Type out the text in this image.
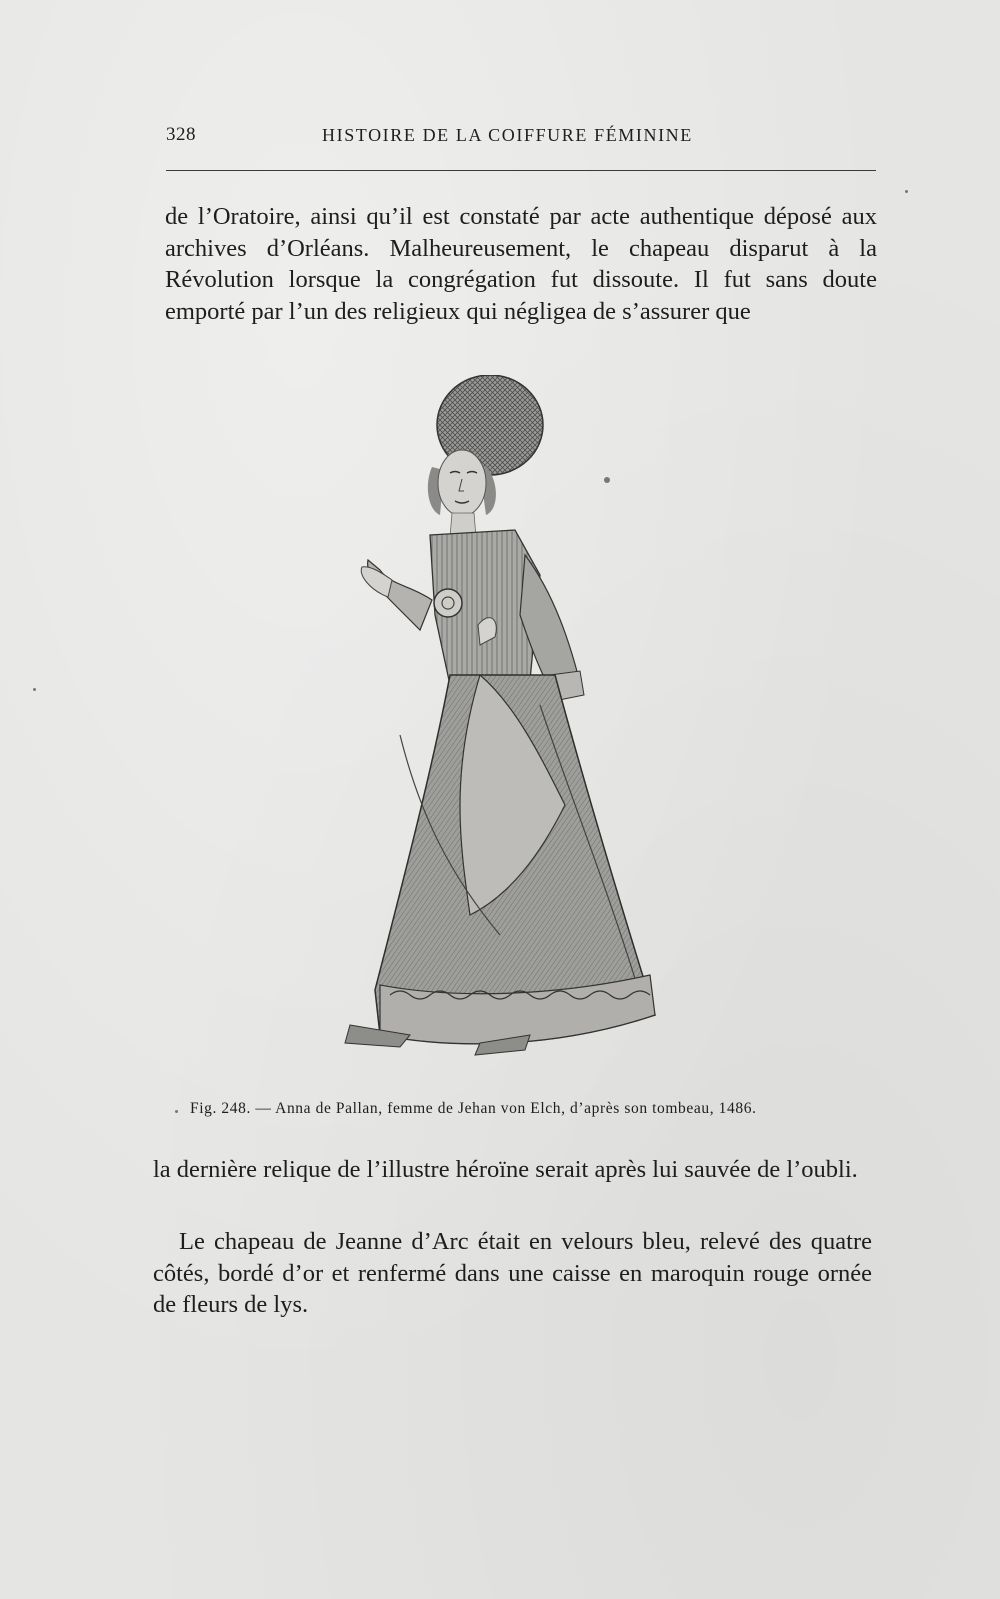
328	HISTOIRE DE LA COIFFURE FÉMININE

de l’Oratoire, ainsi qu’il est constaté par acte authentique déposé aux archives d’Orléans. Malheureusement, le chapeau disparut à la Révolution lorsque la congrégation fut dissoute. Il fut sans doute emporté par l’un des religieux qui négligea de s’assurer que

Fig. 248. — Anna de Pallan, femme de Jehan von Elch, d’après son tombeau, 1486.

la dernière relique de l’illustre héroïne serait après lui sauvée de l’oubli.

Le chapeau de Jeanne d’Arc était en velours bleu, relevé des quatre côtés, bordé d’or et renfermé dans une caisse en maroquin rouge ornée de fleurs de lys.
